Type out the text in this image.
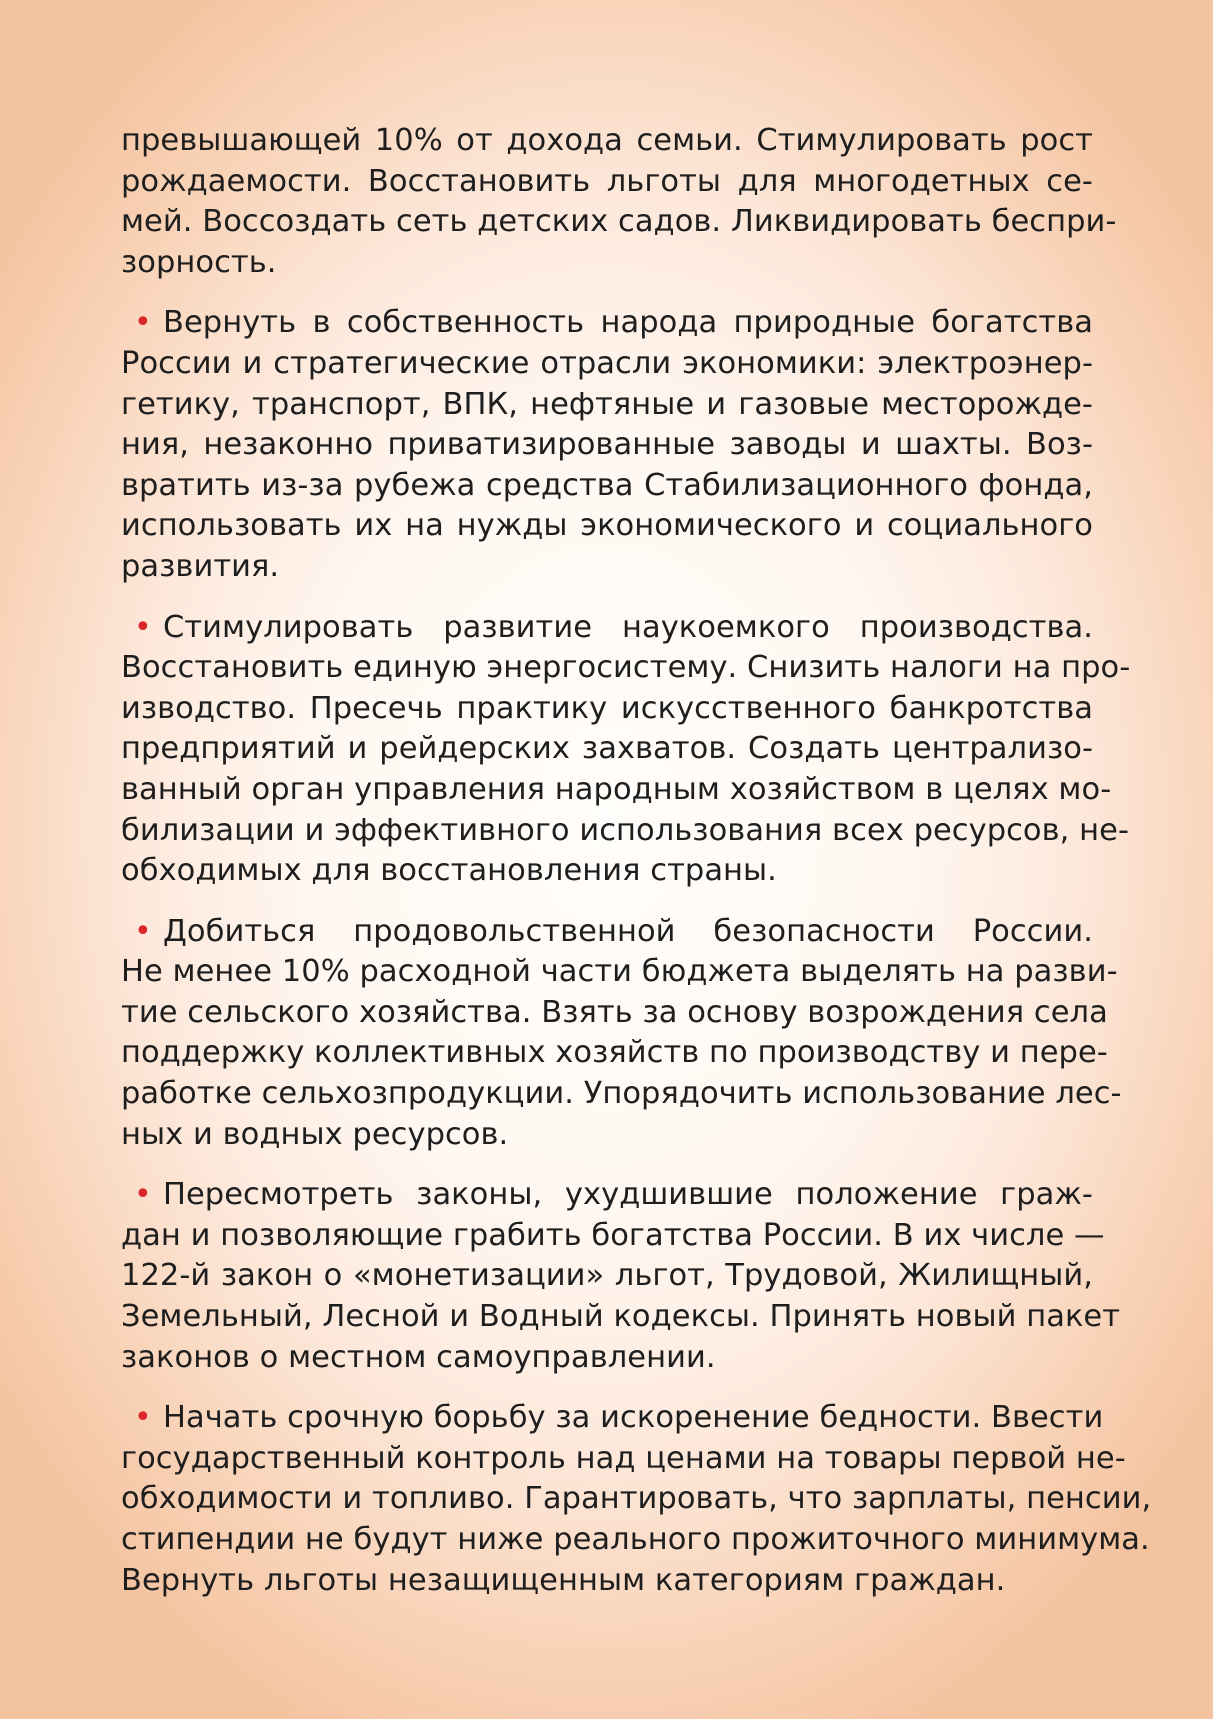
превышающей 10% от дохода семьи. Стимулировать рост
рождаемости. Восстановить льготы для многодетных се-
мей. Воссоздать сеть детских садов. Ликвидировать беспри-
зорность.
• Вернуть в собственность народа природные богатства
России и стратегические отрасли экономики: электроэнер-
гетику, транспорт, ВПК, нефтяные и газовые месторожде-
ния, незаконно приватизированные заводы и шахты. Воз-
вратить из-за рубежа средства Стабилизационного фонда,
использовать их на нужды экономического и социального
развития.
• Стимулировать развитие наукоемкого производства.
Восстановить единую энергосистему. Снизить налоги на про-
изводство. Пресечь практику искусственного банкротства
предприятий и рейдерских захватов. Создать централизо-
ванный орган управления народным хозяйством в целях мо-
билизации и эффективного использования всех ресурсов, не-
обходимых для восстановления страны.
• Добиться продовольственной безопасности России.
Не менее 10% расходной части бюджета выделять на разви-
тие сельского хозяйства. Взять за основу возрождения села
поддержку коллективных хозяйств по производству и пере-
работке сельхозпродукции. Упорядочить использование лес-
ных и водных ресурсов.
• Пересмотреть законы, ухудшившие положение граж-
дан и позволяющие грабить богатства России. В их числе —
122-й закон о «монетизации» льгот, Трудовой, Жилищный,
Земельный, Лесной и Водный кодексы. Принять новый пакет
законов о местном самоуправлении.
• Начать срочную борьбу за искоренение бедности. Ввести
государственный контроль над ценами на товары первой не-
обходимости и топливо. Гарантировать, что зарплаты, пенсии,
стипендии не будут ниже реального прожиточного минимума.
Вернуть льготы незащищенным категориям граждан.
